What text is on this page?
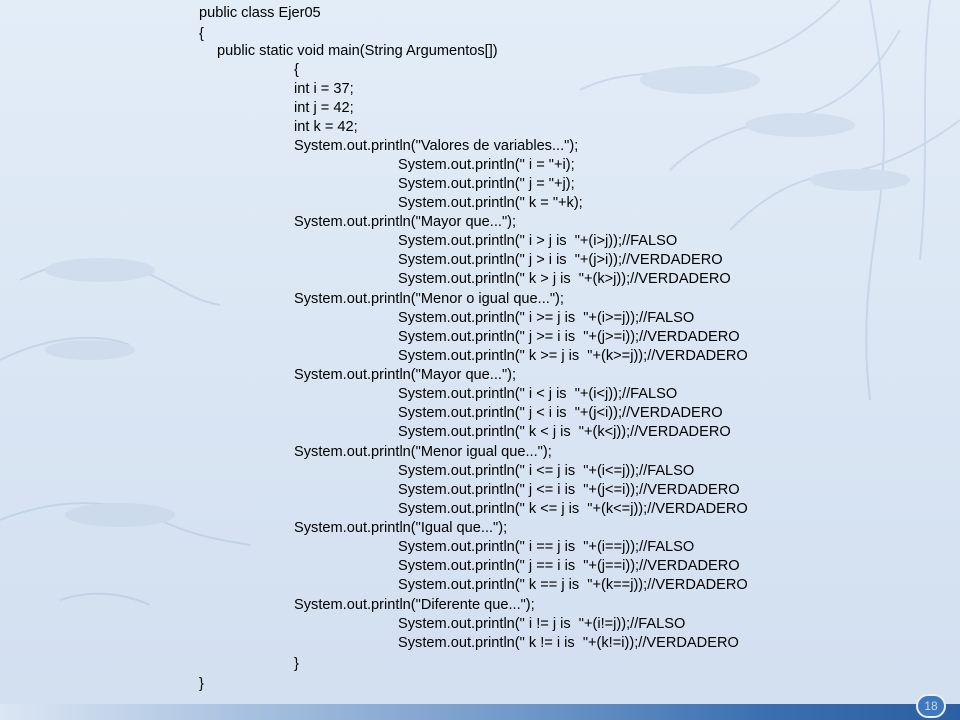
public class Ejer05
{
public static void main(String Argumentos[])
{
int i = 37;
int j = 42;
int k = 42;
System.out.println("Valores de variables...");
System.out.println(" i = "+i);
System.out.println(" j = "+j);
System.out.println(" k = "+k);
System.out.println("Mayor que...");
System.out.println(" i > j is  "+(i>j));//FALSO
System.out.println(" j > i is  "+(j>i));//VERDADERO
System.out.println(" k > j is  "+(k>j));//VERDADERO
System.out.println("Menor o igual que...");
System.out.println(" i >= j is  "+(i>=j));//FALSO
System.out.println(" j >= i is  "+(j>=i));//VERDADERO
System.out.println(" k >= j is  "+(k>=j));//VERDADERO
System.out.println("Mayor que...");
System.out.println(" i < j is  "+(i<j));//FALSO
System.out.println(" j < i is  "+(j<i));//VERDADERO
System.out.println(" k < j is  "+(k<j));//VERDADERO
System.out.println("Menor igual que...");
System.out.println(" i <= j is  "+(i<=j));//FALSO
System.out.println(" j <= i is  "+(j<=i));//VERDADERO
System.out.println(" k <= j is  "+(k<=j));//VERDADERO
System.out.println("Igual que...");
System.out.println(" i == j is  "+(i==j));//FALSO
System.out.println(" j == i is  "+(j==i));//VERDADERO
System.out.println(" k == j is  "+(k==j));//VERDADERO
System.out.println("Diferente que...");
System.out.println(" i != j is  "+(i!=j));//FALSO
System.out.println(" k != i is  "+(k!=i));//VERDADERO
}
}
18
